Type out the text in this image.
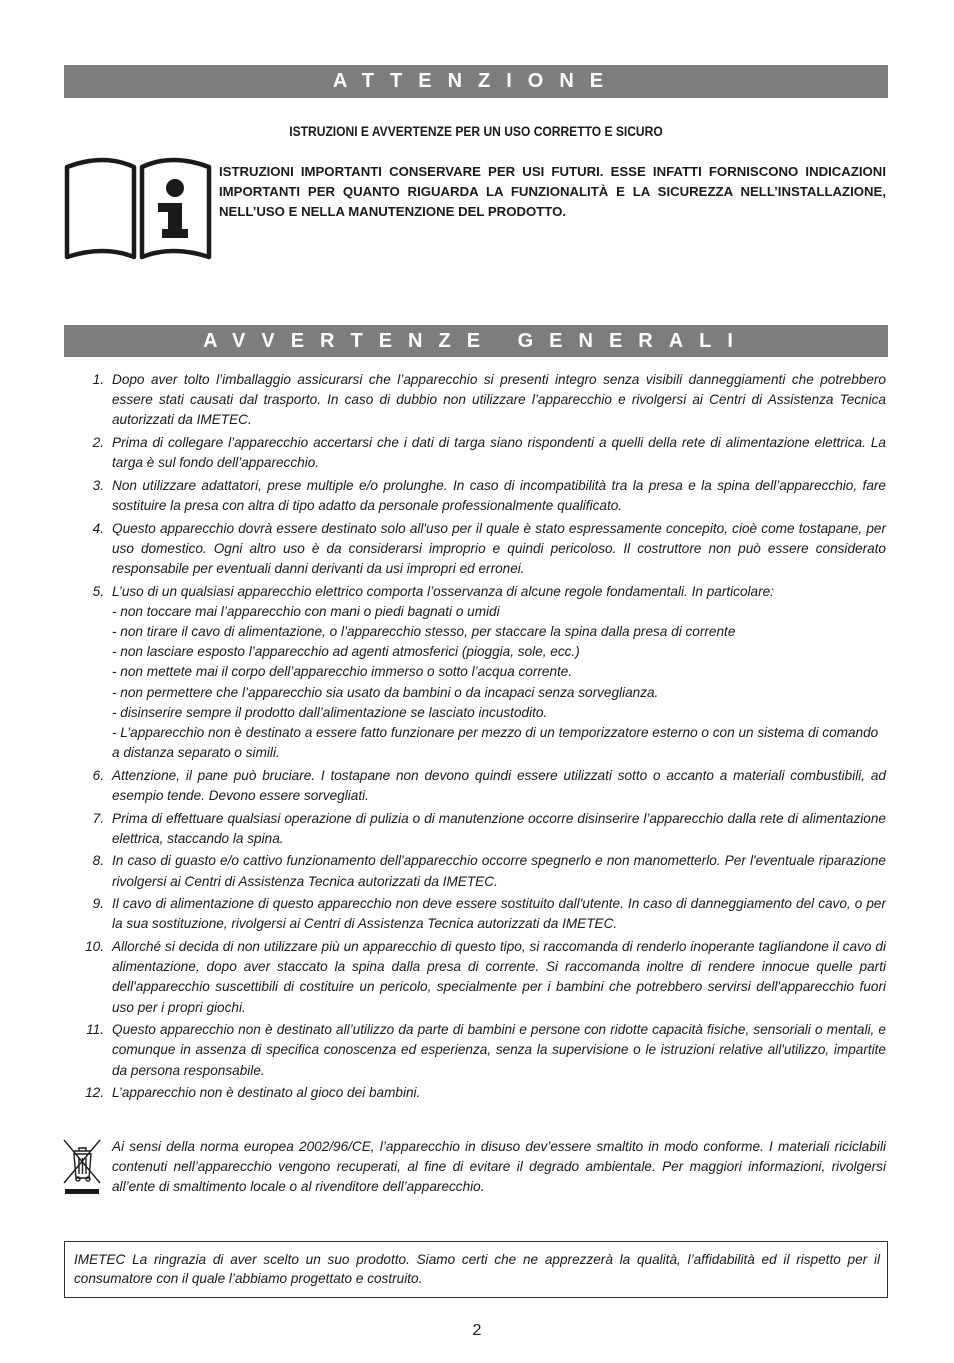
ATTENZIONE
ISTRUZIONI E AVVERTENZE PER UN USO CORRETTO E SICURO
ISTRUZIONI IMPORTANTI CONSERVARE PER USI FUTURI. ESSE INFATTI FORNISCONO INDICAZIONI IMPORTANTI PER QUANTO RIGUARDA LA FUNZIONALITÀ E LA SICUREZZA NELL’INSTALLAZIONE, NELL’USO E NELLA MANUTENZIONE DEL PRODOTTO.
AVVERTENZE GENERALI
1. Dopo aver tolto l’imballaggio assicurarsi che l’apparecchio si presenti integro senza visibili danneggiamenti che potrebbero essere stati causati dal trasporto. In caso di dubbio non utilizzare l’apparecchio e rivolgersi ai Centri di Assistenza Tecnica autorizzati da IMETEC.
2. Prima di collegare l’apparecchio accertarsi che i dati di targa siano rispondenti a quelli della rete di alimentazione elettrica. La targa è sul fondo dell’apparecchio.
3. Non utilizzare adattatori, prese multiple e/o prolunghe. In caso di incompatibilità tra la presa e la spina dell’apparecchio, fare sostituire la presa con altra di tipo adatto da personale professionalmente qualificato.
4. Questo apparecchio dovrà essere destinato solo all'uso per il quale è stato espressamente concepito, cioè come tostapane, per uso domestico. Ogni altro uso è da considerarsi improprio e quindi pericoloso. Il costruttore non può essere considerato responsabile per eventuali danni derivanti da usi impropri ed erronei.
5. L’uso di un qualsiasi apparecchio elettrico comporta l’osservanza di alcune regole fondamentali. In particolare:
- non toccare mai l’apparecchio con mani o piedi bagnati o umidi
- non tirare il cavo di alimentazione, o l’apparecchio stesso, per staccare la spina dalla presa di corrente
- non lasciare esposto l’apparecchio ad agenti atmosferici (pioggia, sole, ecc.)
- non mettete mai il corpo dell’apparecchio immerso o sotto l’acqua corrente.
- non permettere che l’apparecchio sia usato da bambini o da incapaci senza sorveglianza.
- disinserire sempre il prodotto dall’alimentazione se lasciato incustodito.
- L’apparecchio non è destinato a essere fatto funzionare per mezzo di un temporizzatore esterno o con un sistema di comando a distanza separato o simili.
6. Attenzione, il pane può bruciare. I tostapane non devono quindi essere utilizzati sotto o accanto a materiali combustibili, ad esempio tende. Devono essere sorvegliati.
7. Prima di effettuare qualsiasi operazione di pulizia o di manutenzione occorre disinserire l’apparecchio dalla rete di alimentazione elettrica, staccando la spina.
8. In caso di guasto e/o cattivo funzionamento dell'apparecchio occorre spegnerlo e non manometterlo. Per l'eventuale riparazione rivolgersi ai Centri di Assistenza Tecnica autorizzati da IMETEC.
9. Il cavo di alimentazione di questo apparecchio non deve essere sostituito dall'utente. In caso di danneggiamento del cavo, o per la sua sostituzione, rivolgersi ai Centri di Assistenza Tecnica autorizzati da IMETEC.
10. Allorché si decida di non utilizzare più un apparecchio di questo tipo, si raccomanda di renderlo inoperante tagliandone il cavo di alimentazione, dopo aver staccato la spina dalla presa di corrente. Si raccomanda inoltre di rendere innocue quelle parti dell'apparecchio suscettibili di costituire un pericolo, specialmente per i bambini che potrebbero servirsi dell'apparecchio fuori uso per i propri giochi.
11. Questo apparecchio non è destinato all’utilizzo da parte di bambini e persone con ridotte capacità fisiche, sensoriali o mentali, e comunque in assenza di specifica conoscenza ed esperienza, senza la supervisione o le istruzioni relative all'utilizzo, impartite da persona responsabile.
12. L’apparecchio non è destinato al gioco dei bambini.
Ai sensi della norma europea 2002/96/CE, l’apparecchio in disuso dev’essere smaltito in modo conforme. I materiali riciclabili contenuti nell’apparecchio vengono recuperati, al fine di evitare il degrado ambientale. Per maggiori informazioni, rivolgersi all’ente di smaltimento locale o al rivenditore dell’apparecchio.
IMETEC La ringrazia di aver scelto un suo prodotto. Siamo certi che ne apprezzerà la qualità, l’affidabilità ed il rispetto per il consumatore con il quale l’abbiamo progettato e costruito.
2
